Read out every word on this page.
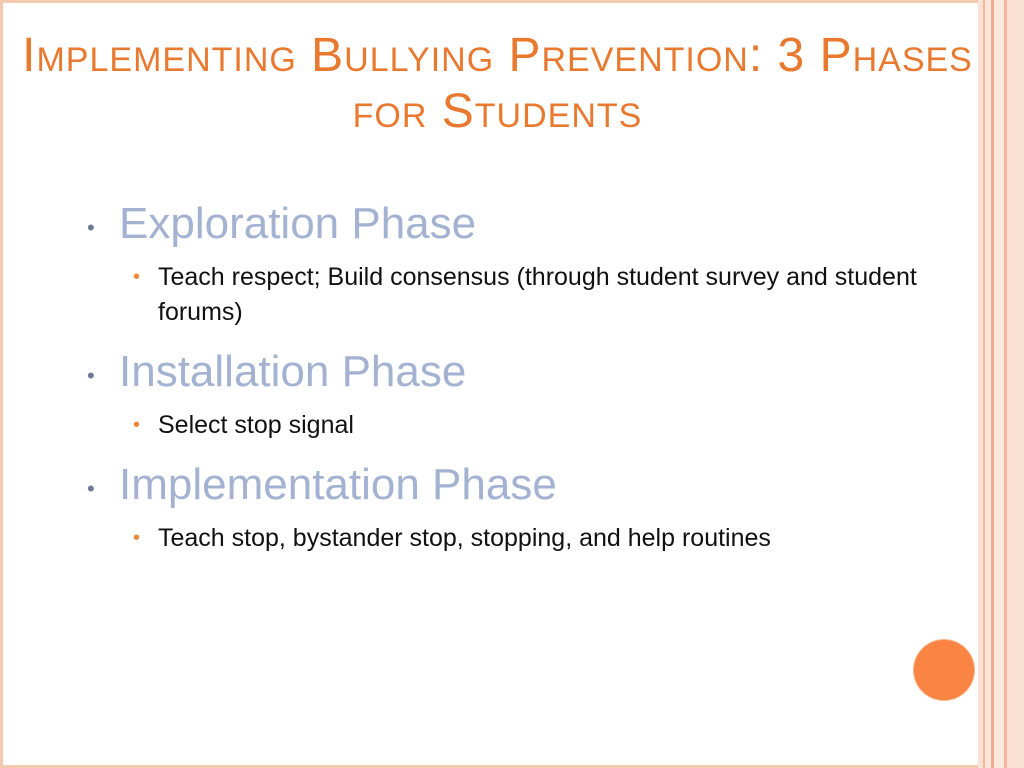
Implementing Bullying Prevention: 3 Phases for Students

• Exploration Phase

• Teach respect; Build consensus (through student survey and student forums)

• Installation Phase

• Select stop signal

• Implementation Phase

• Teach stop, bystander stop, stopping, and help routines
